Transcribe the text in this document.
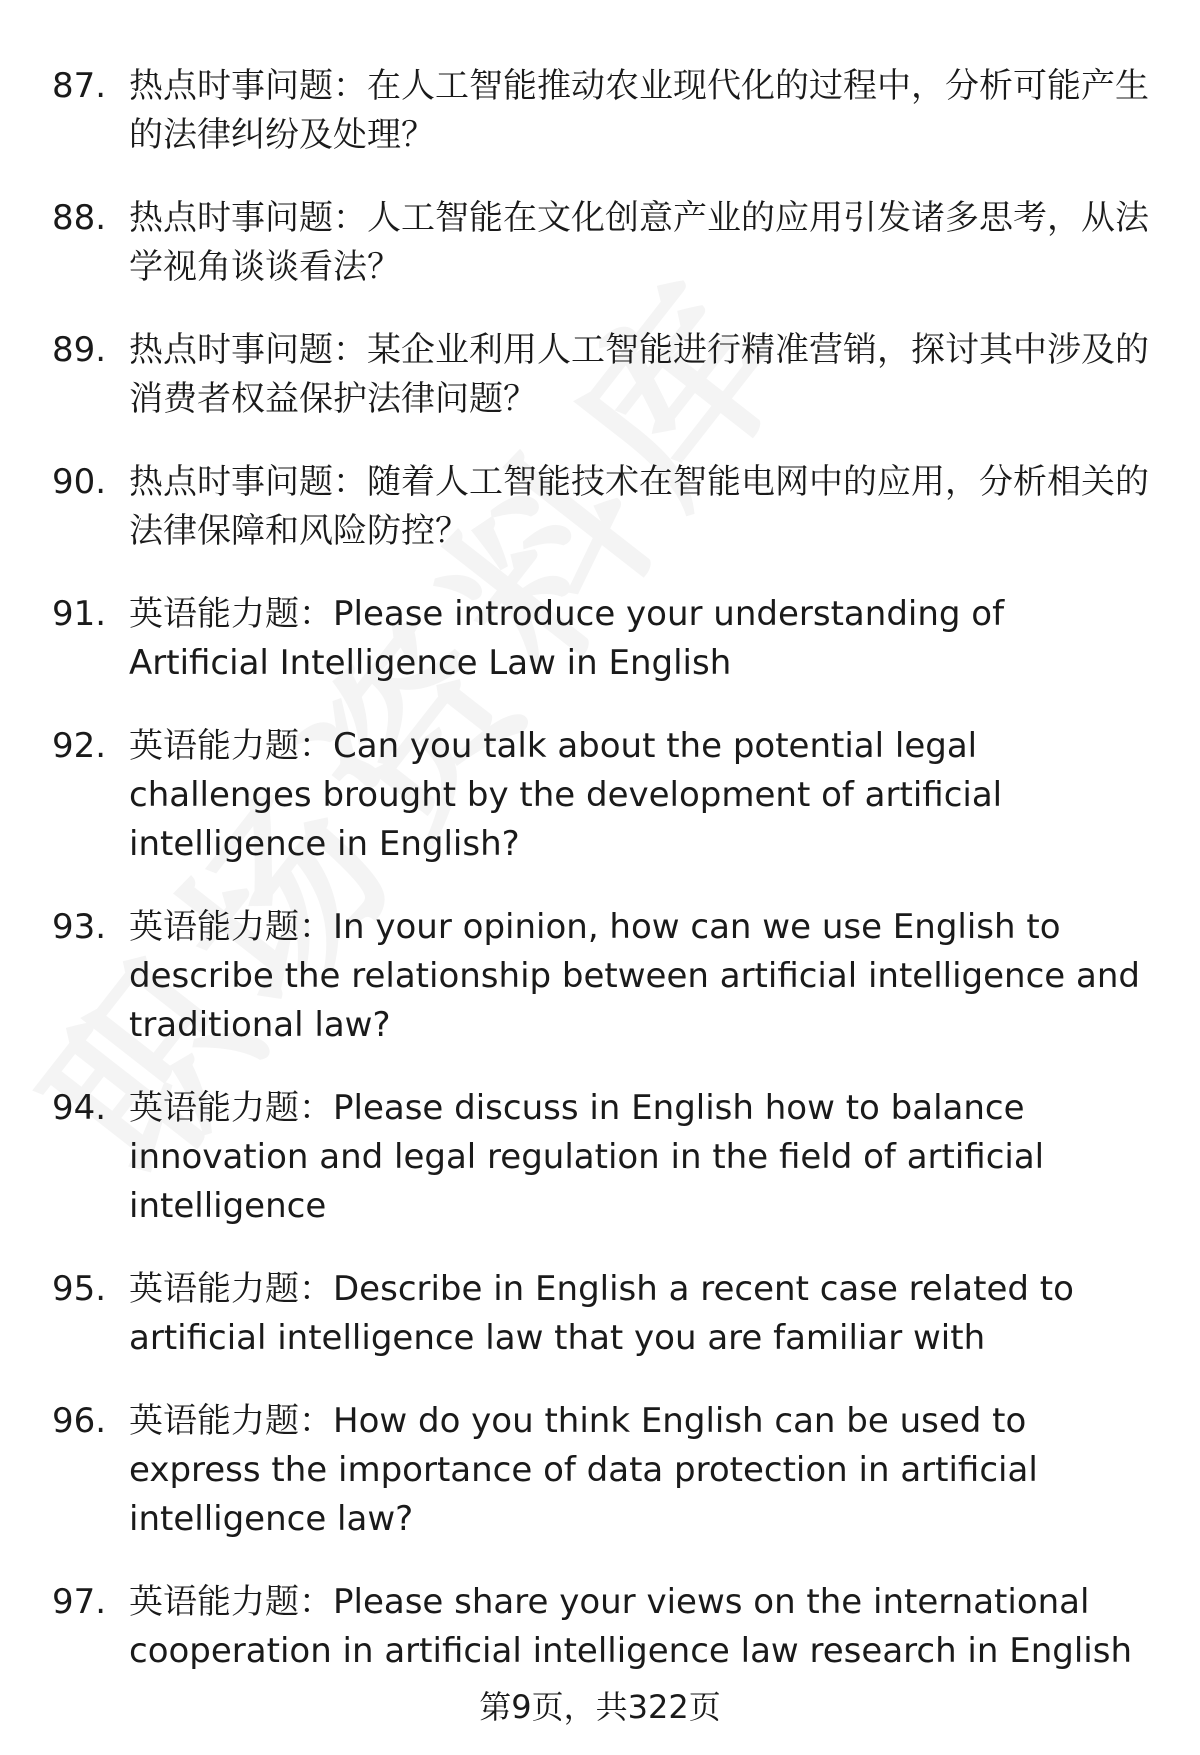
87. 热点时事问题：在人工智能推动农业现代化的过程中，分析可能产生的法律纠纷及处理？
88. 热点时事问题：人工智能在文化创意产业的应用引发诸多思考，从法学视角谈谈看法？
89. 热点时事问题：某企业利用人工智能进行精准营销，探讨其中涉及的消费者权益保护法律问题？
90. 热点时事问题：随着人工智能技术在智能电网中的应用，分析相关的法律保障和风险防控？
91. 英语能力题：Please introduce your understanding of Artificial Intelligence Law in English
92. 英语能力题：Can you talk about the potential legal challenges brought by the development of artificial intelligence in English?
93. 英语能力题：In your opinion, how can we use English to describe the relationship between artificial intelligence and traditional law?
94. 英语能力题：Please discuss in English how to balance innovation and legal regulation in the field of artificial intelligence
95. 英语能力题：Describe in English a recent case related to artificial intelligence law that you are familiar with
96. 英语能力题：How do you think English can be used to express the importance of data protection in artificial intelligence law?
97. 英语能力题：Please share your views on the international cooperation in artificial intelligence law research in English
第9页，共322页
